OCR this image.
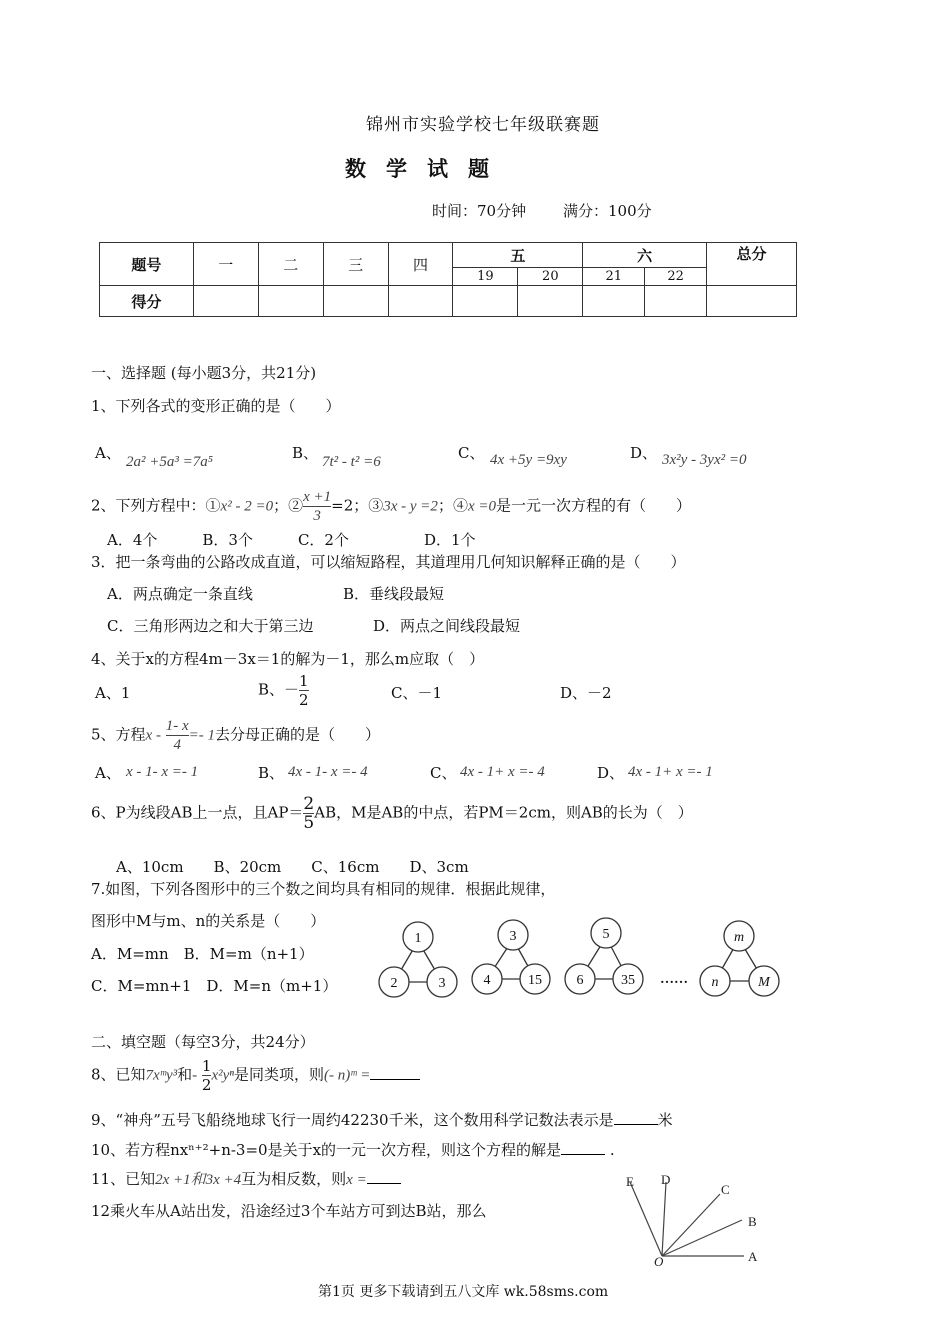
锦州市实验学校七年级联赛题
数学试题
时间：70分钟 满分：100分
题号	一	二	三	四	五		六		总分
					19	20	21	22	
得分									
一、选择题 (每小题3分，共21分)
1、下列各式的变形正确的是（　　）
A、 2a² +5a³ =7a⁵	B、 7t² - t² =6	C、 4x +5y =9xy	D、 3x²y - 3yx² =0
2、下列方程中：①x² - 2 =0；② $\frac{x +1}{3} =2$；③3x - y =2；④x =0是一元一次方程的有（　　）
A．4个　　　B．3个　　　C．2个　　　　　D．1个
3．把一条弯曲的公路改成直道，可以缩短路程，其道理用几何知识解释正确的是（　　）
A．两点确定一条直线	B．垂线段最短
C．三角形两边之和大于第三边	D．两点之间线段最短
4、关于x的方程4m－3x＝1的解为－1，那么m应取（　）
A、1	B、－ $\frac{1}{2}$	C、－1	D、－2
5、方程$x - \frac{1- x}{4} =- 1$去分母正确的是（　　）
A、 x - 1- x =- 1	B、 4x - 1- x =- 4	C、 4x - 1+ x =- 4	D、 4x - 1+ x =- 1
6、P为线段AB上一点，且$AP= \frac{2}{5}$ AB，M是AB的中点，若PM＝2cm，则AB的长为（　）
A、10cm　　B、20cm　　C、16cm　　D、3cm
7.如图，下列各图形中的三个数之间均具有相同的规律．根据此规律，
图形中M与m、n的关系是（　　）
A．M=mn　B．M=m（n+1）
C．M=mn+1　D．M=n（m+1）
1
2	3
3
4	15
5
6	35
m
n	M
……
二、填空题（每空3分，共24分）
8、已知7xᵐy³和- $\frac{1}{2} x^2y^n$是同类项，则(- n)ᵐ =
9、“神舟”五号飞船绕地球飞行一周约42230千米，这个数用科学记数法表示是	米
10、若方程nxⁿ⁺²+n-3=0是关于x的一元一次方程，则这个方程的解是	.
11、已知2x +1和3x +4互为相反数，则x =
12乘火车从A站出发，沿途经过3个车站方可到达B站，那么
E D
C
B
A
O
第1页 更多下载请到五八文库 wk.58sms.com
